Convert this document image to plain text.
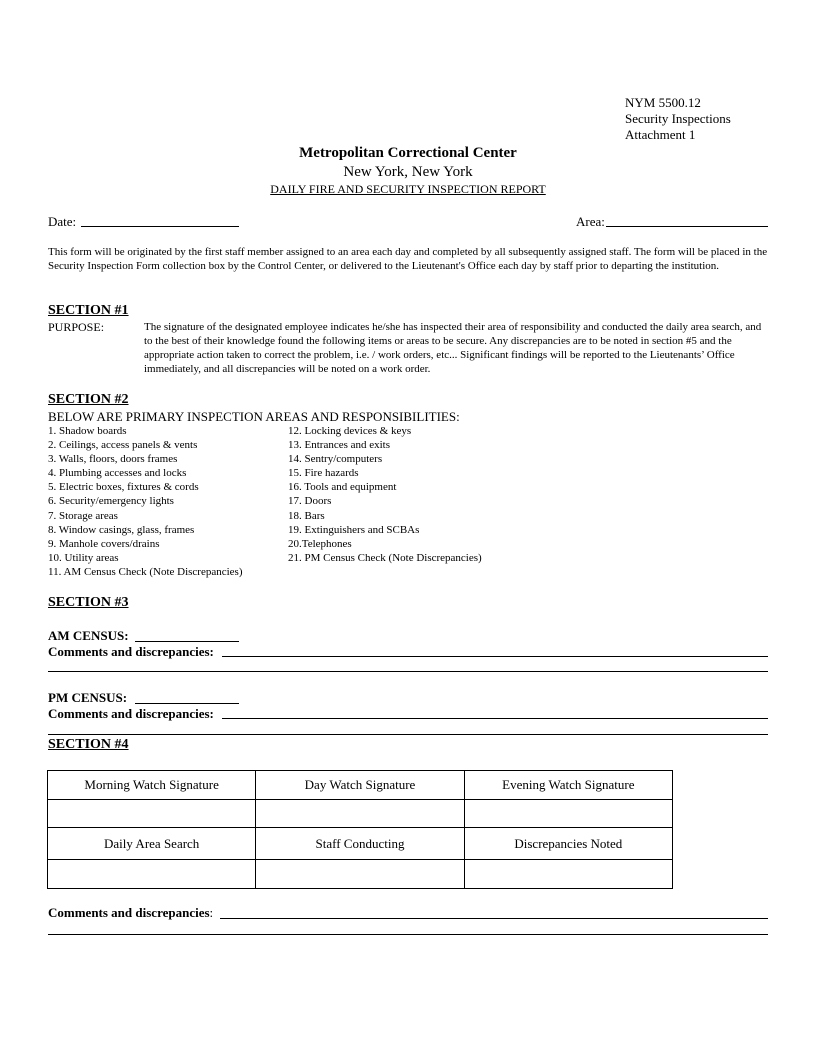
NYM 5500.12
Security Inspections
Attachment 1
Metropolitan Correctional Center
New York, New York
DAILY FIRE AND SECURITY INSPECTION REPORT
Date:	Area:
This form will be originated by the first staff member assigned to an area each day and completed by all subsequently assigned staff. The form will be placed in the Security Inspection Form collection box by the Control Center, or delivered to the Lieutenant's Office each day by staff prior to departing the institution.
SECTION #1
PURPOSE:	The signature of the designated employee indicates he/she has inspected their area of responsibility and conducted the daily area search, and to the best of their knowledge found the following items or areas to be secure. Any discrepancies are to be noted in section #5 and the appropriate action taken to correct the problem, i.e. / work orders, etc... Significant findings will be reported to the Lieutenants’ Office immediately, and all discrepancies will be noted on a work order.
SECTION #2
BELOW ARE PRIMARY INSPECTION AREAS AND RESPONSIBILITIES:
1. Shadow boards
2. Ceilings, access panels & vents
3. Walls, floors, doors frames
4. Plumbing accesses and locks
5. Electric boxes, fixtures & cords
6. Security/emergency lights
7. Storage areas
8. Window casings, glass, frames
9. Manhole covers/drains
10. Utility areas
11. AM Census Check (Note Discrepancies)
12. Locking devices & keys
13. Entrances and exits
14. Sentry/computers
15. Fire hazards
16. Tools and equipment
17. Doors
18. Bars
19. Extinguishers and SCBAs
20.Telephones
21. PM Census Check (Note Discrepancies)
SECTION #3
AM CENSUS:
Comments and discrepancies:
PM CENSUS:
Comments and discrepancies:
SECTION #4
Morning Watch Signature	Day Watch Signature	Evening Watch Signature

Daily Area Search	Staff Conducting	Discrepancies Noted

Comments and discrepancies:
